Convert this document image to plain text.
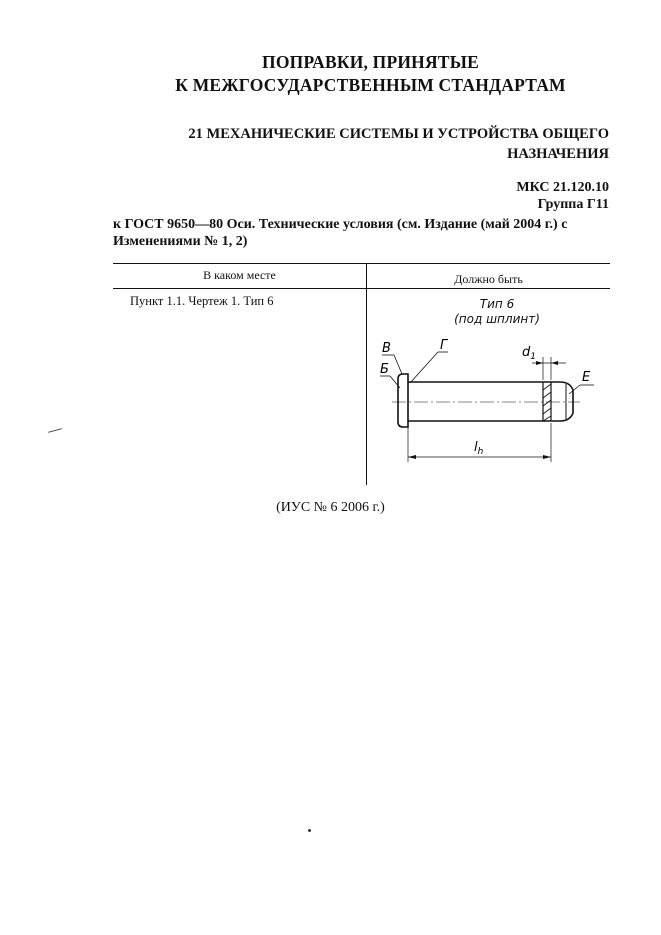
ПОПРАВКИ, ПРИНЯТЫЕ
К МЕЖГОСУДАРСТВЕННЫМ СТАНДАРТАМ
21 МЕХАНИЧЕСКИЕ СИСТЕМЫ И УСТРОЙСТВА ОБЩЕГО
НАЗНАЧЕНИЯ
МКС 21.120.10
Группа Г11
к ГОСТ 9650—80 Оси. Технические условия (см. Издание (май 2004 г.) с
Изменениями № 1, 2)
В каком месте	Должно быть
Пункт 1.1. Чертеж 1. Тип 6	Тип 6
(под шплинт)
$d_1$
$l_h$
В
Б
Г
Е
(ИУС № 6 2006 г.)
